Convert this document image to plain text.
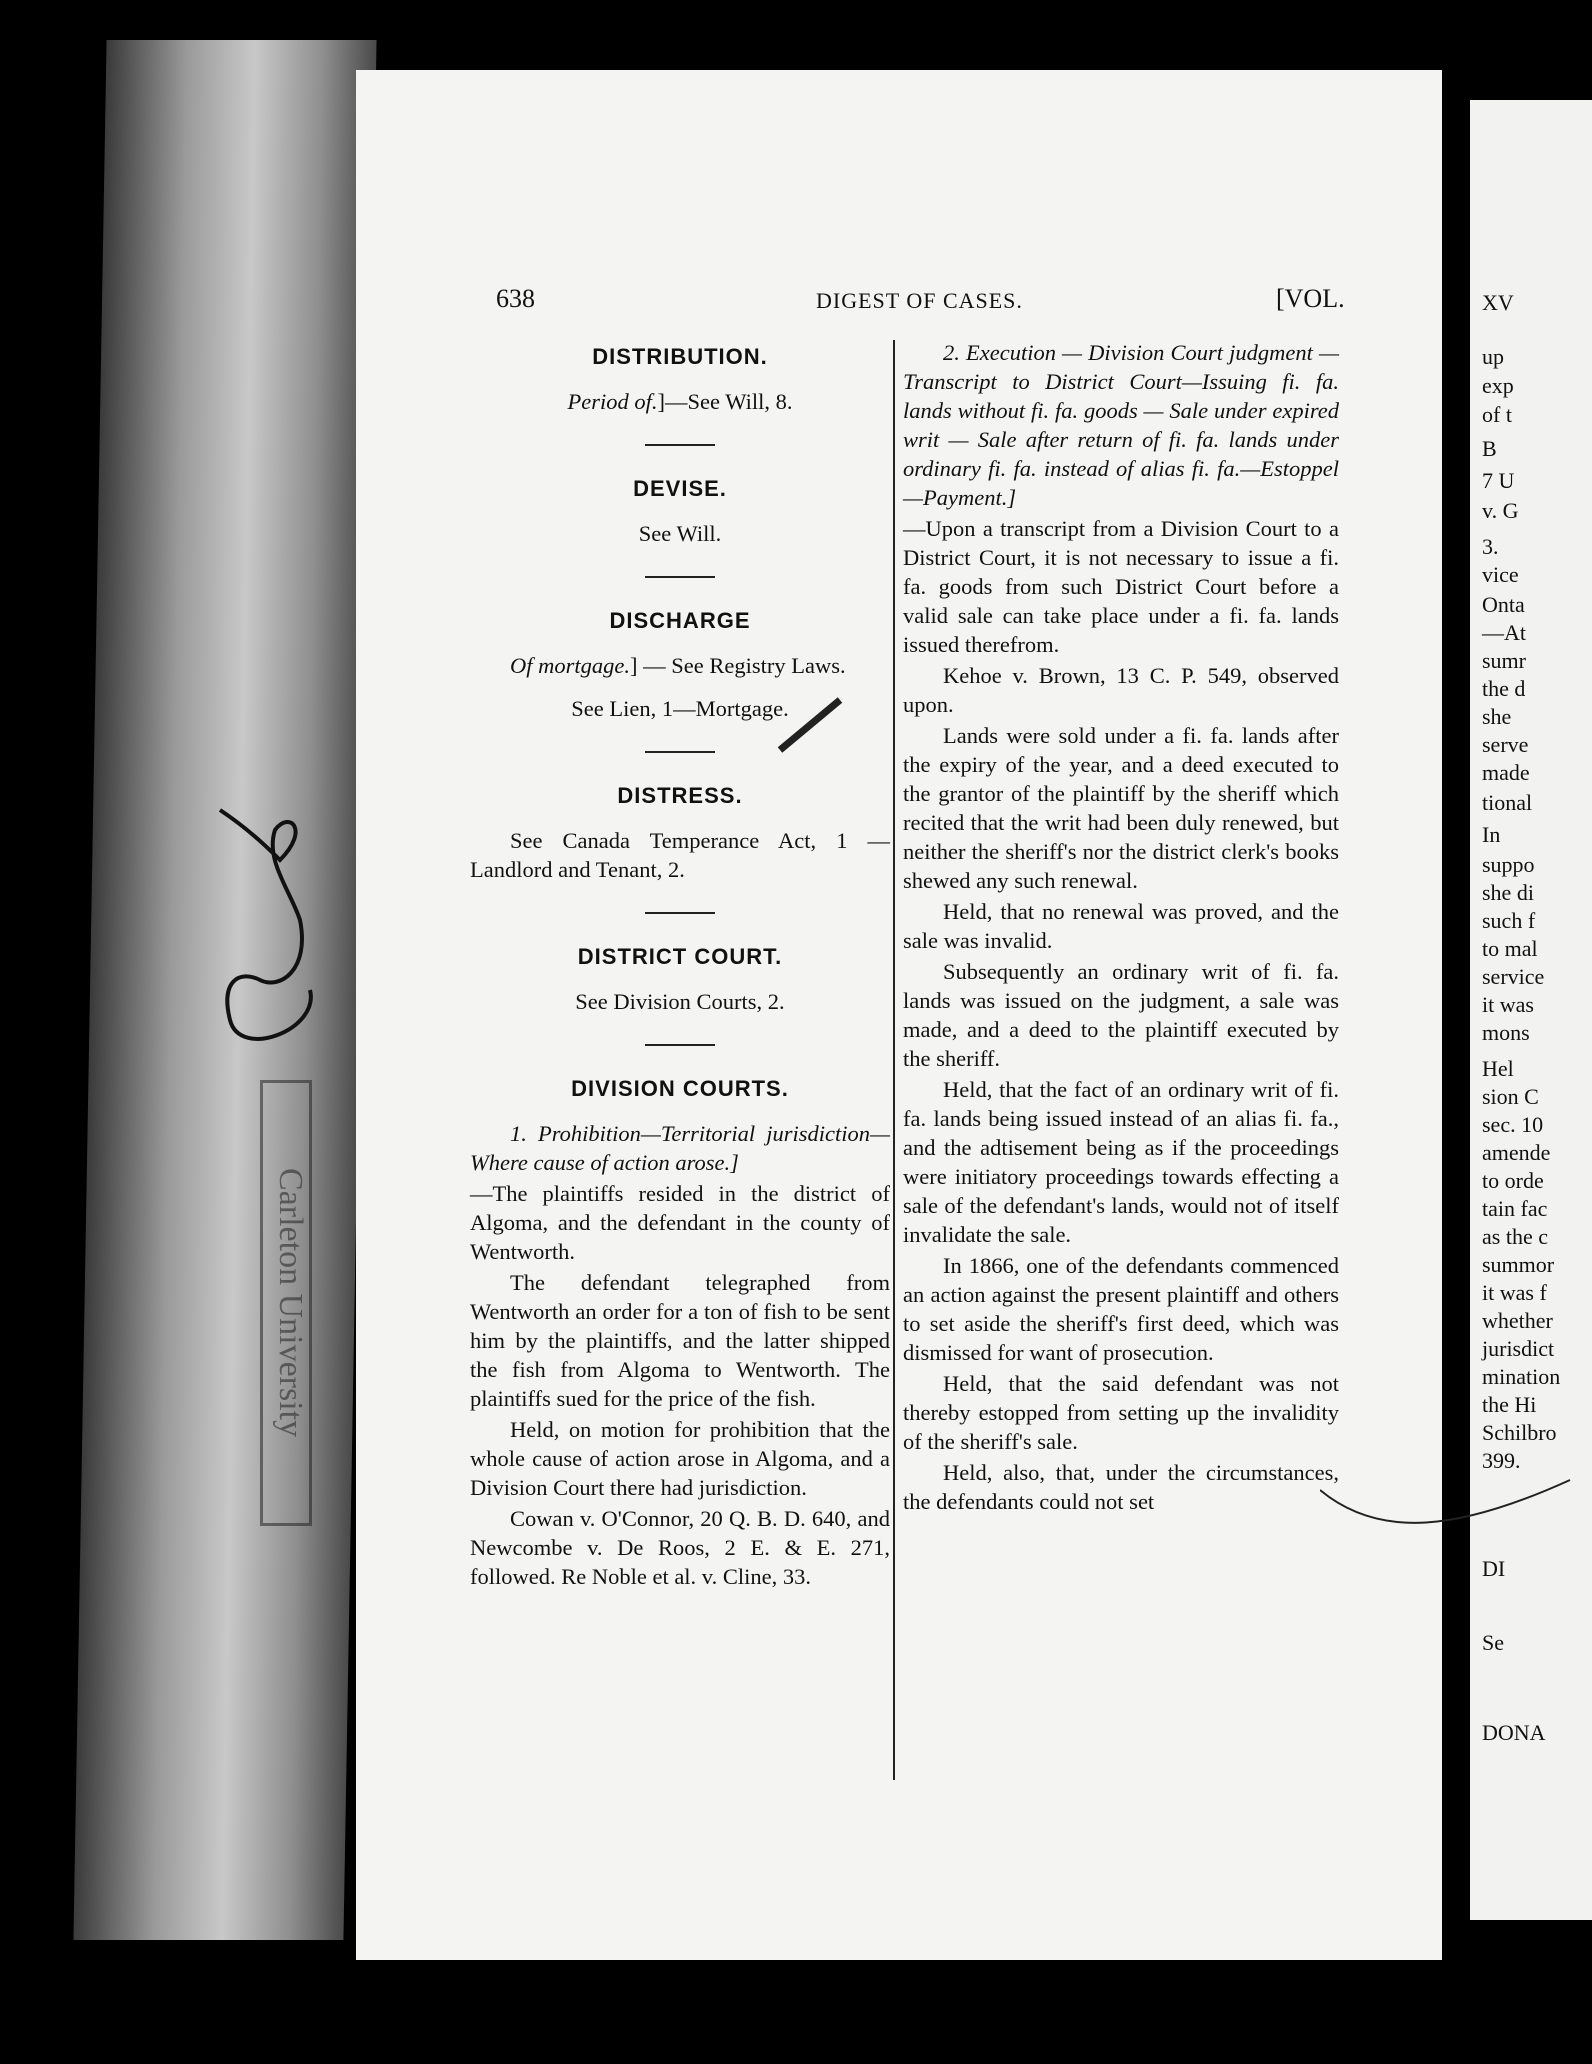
Carleton University
XV
up
exp
of t
B
7 U
v. G
3.
vice
Onta
—At
sumr
the d
she
serve
made
tional
In
suppo
she di
such f
to mal
service
it was
mons
Hel
sion C
sec. 10
amende
to orde
tain fac
as the c
summor
it was f
whether
jurisdict
mination
the Hi
Schilbro
399.
DI
Se
DONA
638	DIGEST OF CASES.	[VOL.
DISTRIBUTION.
Period of.]—See Will, 8.
DEVISE.
See Will.
DISCHARGE
Of mortgage.] — See Registry Laws.
See Lien, 1—Mortgage.
DISTRESS.
See Canada Temperance Act, 1 —Landlord and Tenant, 2.
DISTRICT COURT.
See Division Courts, 2.
DIVISION COURTS.

1. Prohibition—Territorial jurisdiction— Where cause of action arose.]

—The plaintiffs resided in the district of Algoma, and the defendant in the county of Wentworth.

The defendant telegraphed from Wentworth an order for a ton of fish to be sent him by the plaintiffs, and the latter shipped the fish from Algoma to Wentworth. The plaintiffs sued for the price of the fish.

Held, on motion for prohibition that the whole cause of action arose in Algoma, and a Division Court there had jurisdiction.

Cowan v. O'Connor, 20 Q. B. D. 640, and Newcombe v. De Roos, 2 E. & E. 271, followed. Re Noble et al. v. Cline, 33.

2. Execution — Division Court judgment — Transcript to District Court—Issuing fi. fa. lands without fi. fa. goods — Sale under expired writ — Sale after return of fi. fa. lands under ordinary fi. fa. instead of alias fi. fa.—Estoppel—Payment.]

—Upon a transcript from a Division Court to a District Court, it is not necessary to issue a fi. fa. goods from such District Court before a valid sale can take place under a fi. fa. lands issued therefrom.

Kehoe v. Brown, 13 C. P. 549, observed upon.

Lands were sold under a fi. fa. lands after the expiry of the year, and a deed executed to the grantor of the plaintiff by the sheriff which recited that the writ had been duly renewed, but neither the sheriff's nor the district clerk's books shewed any such renewal.

Held, that no renewal was proved, and the sale was invalid.

Subsequently an ordinary writ of fi. fa. lands was issued on the judgment, a sale was made, and a deed to the plaintiff executed by the sheriff.

Held, that the fact of an ordinary writ of fi. fa. lands being issued instead of an alias fi. fa., and the adtisement being as if the proceedings were initiatory proceedings towards effecting a sale of the defendant's lands, would not of itself invalidate the sale.

In 1866, one of the defendants commenced an action against the present plaintiff and others to set aside the sheriff's first deed, which was dismissed for want of prosecution.

Held, that the said defendant was not thereby estopped from setting up the invalidity of the sheriff's sale.

Held, also, that, under the circumstances, the defendants could not set
